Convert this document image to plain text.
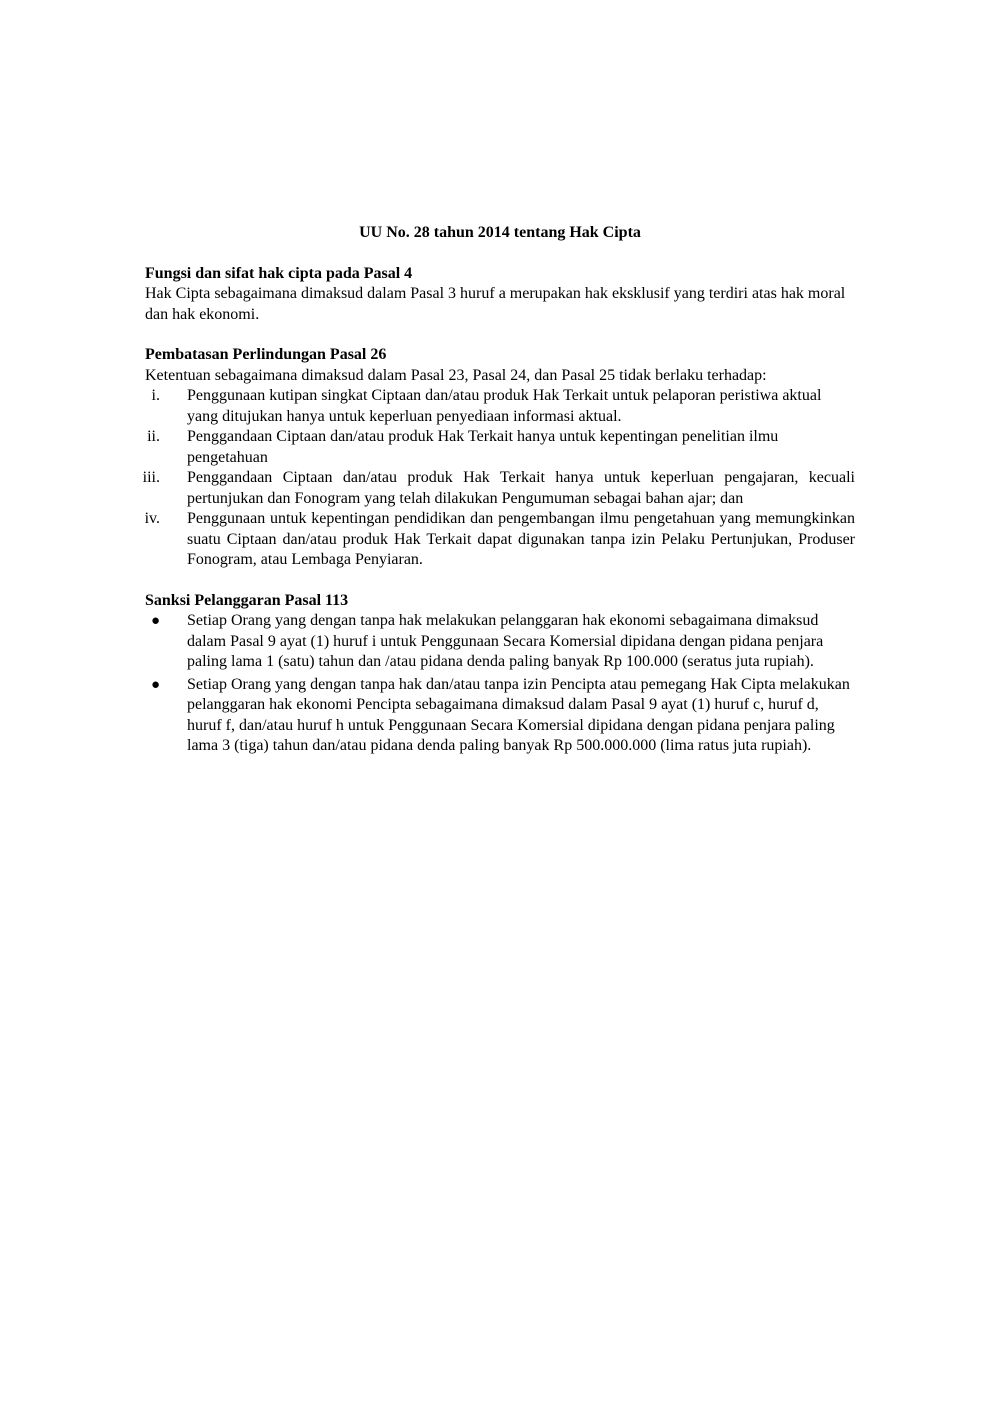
UU No. 28 tahun 2014 tentang Hak Cipta
Fungsi dan sifat hak cipta pada Pasal 4
Hak Cipta sebagaimana dimaksud dalam Pasal 3 huruf a merupakan hak eksklusif yang terdiri atas hak moral dan hak ekonomi.
Pembatasan Perlindungan Pasal 26
Ketentuan sebagaimana dimaksud dalam Pasal 23, Pasal 24, dan Pasal 25 tidak berlaku terhadap:
i. Penggunaan kutipan singkat Ciptaan dan/atau produk Hak Terkait untuk pelaporan peristiwa aktual yang ditujukan hanya untuk keperluan penyediaan informasi aktual.
ii. Penggandaan Ciptaan dan/atau produk Hak Terkait hanya untuk kepentingan penelitian ilmu pengetahuan
iii. Penggandaan Ciptaan dan/atau produk Hak Terkait hanya untuk keperluan pengajaran, kecuali pertunjukan dan Fonogram yang telah dilakukan Pengumuman sebagai bahan ajar; dan
iv. Penggunaan untuk kepentingan pendidikan dan pengembangan ilmu pengetahuan yang memungkinkan suatu Ciptaan dan/atau produk Hak Terkait dapat digunakan tanpa izin Pelaku Pertunjukan, Produser Fonogram, atau Lembaga Penyiaran.
Sanksi Pelanggaran Pasal 113
● Setiap Orang yang dengan tanpa hak melakukan pelanggaran hak ekonomi sebagaimana dimaksud dalam Pasal 9 ayat (1) huruf i untuk Penggunaan Secara Komersial dipidana dengan pidana penjara paling lama 1 (satu) tahun dan /atau pidana denda paling banyak Rp 100.000 (seratus juta rupiah).
● Setiap Orang yang dengan tanpa hak dan/atau tanpa izin Pencipta atau pemegang Hak Cipta melakukan pelanggaran hak ekonomi Pencipta sebagaimana dimaksud dalam Pasal 9 ayat (1) huruf c, huruf d, huruf f, dan/atau huruf h untuk Penggunaan Secara Komersial dipidana dengan pidana penjara paling lama 3 (tiga) tahun dan/atau pidana denda paling banyak Rp 500.000.000 (lima ratus juta rupiah).
